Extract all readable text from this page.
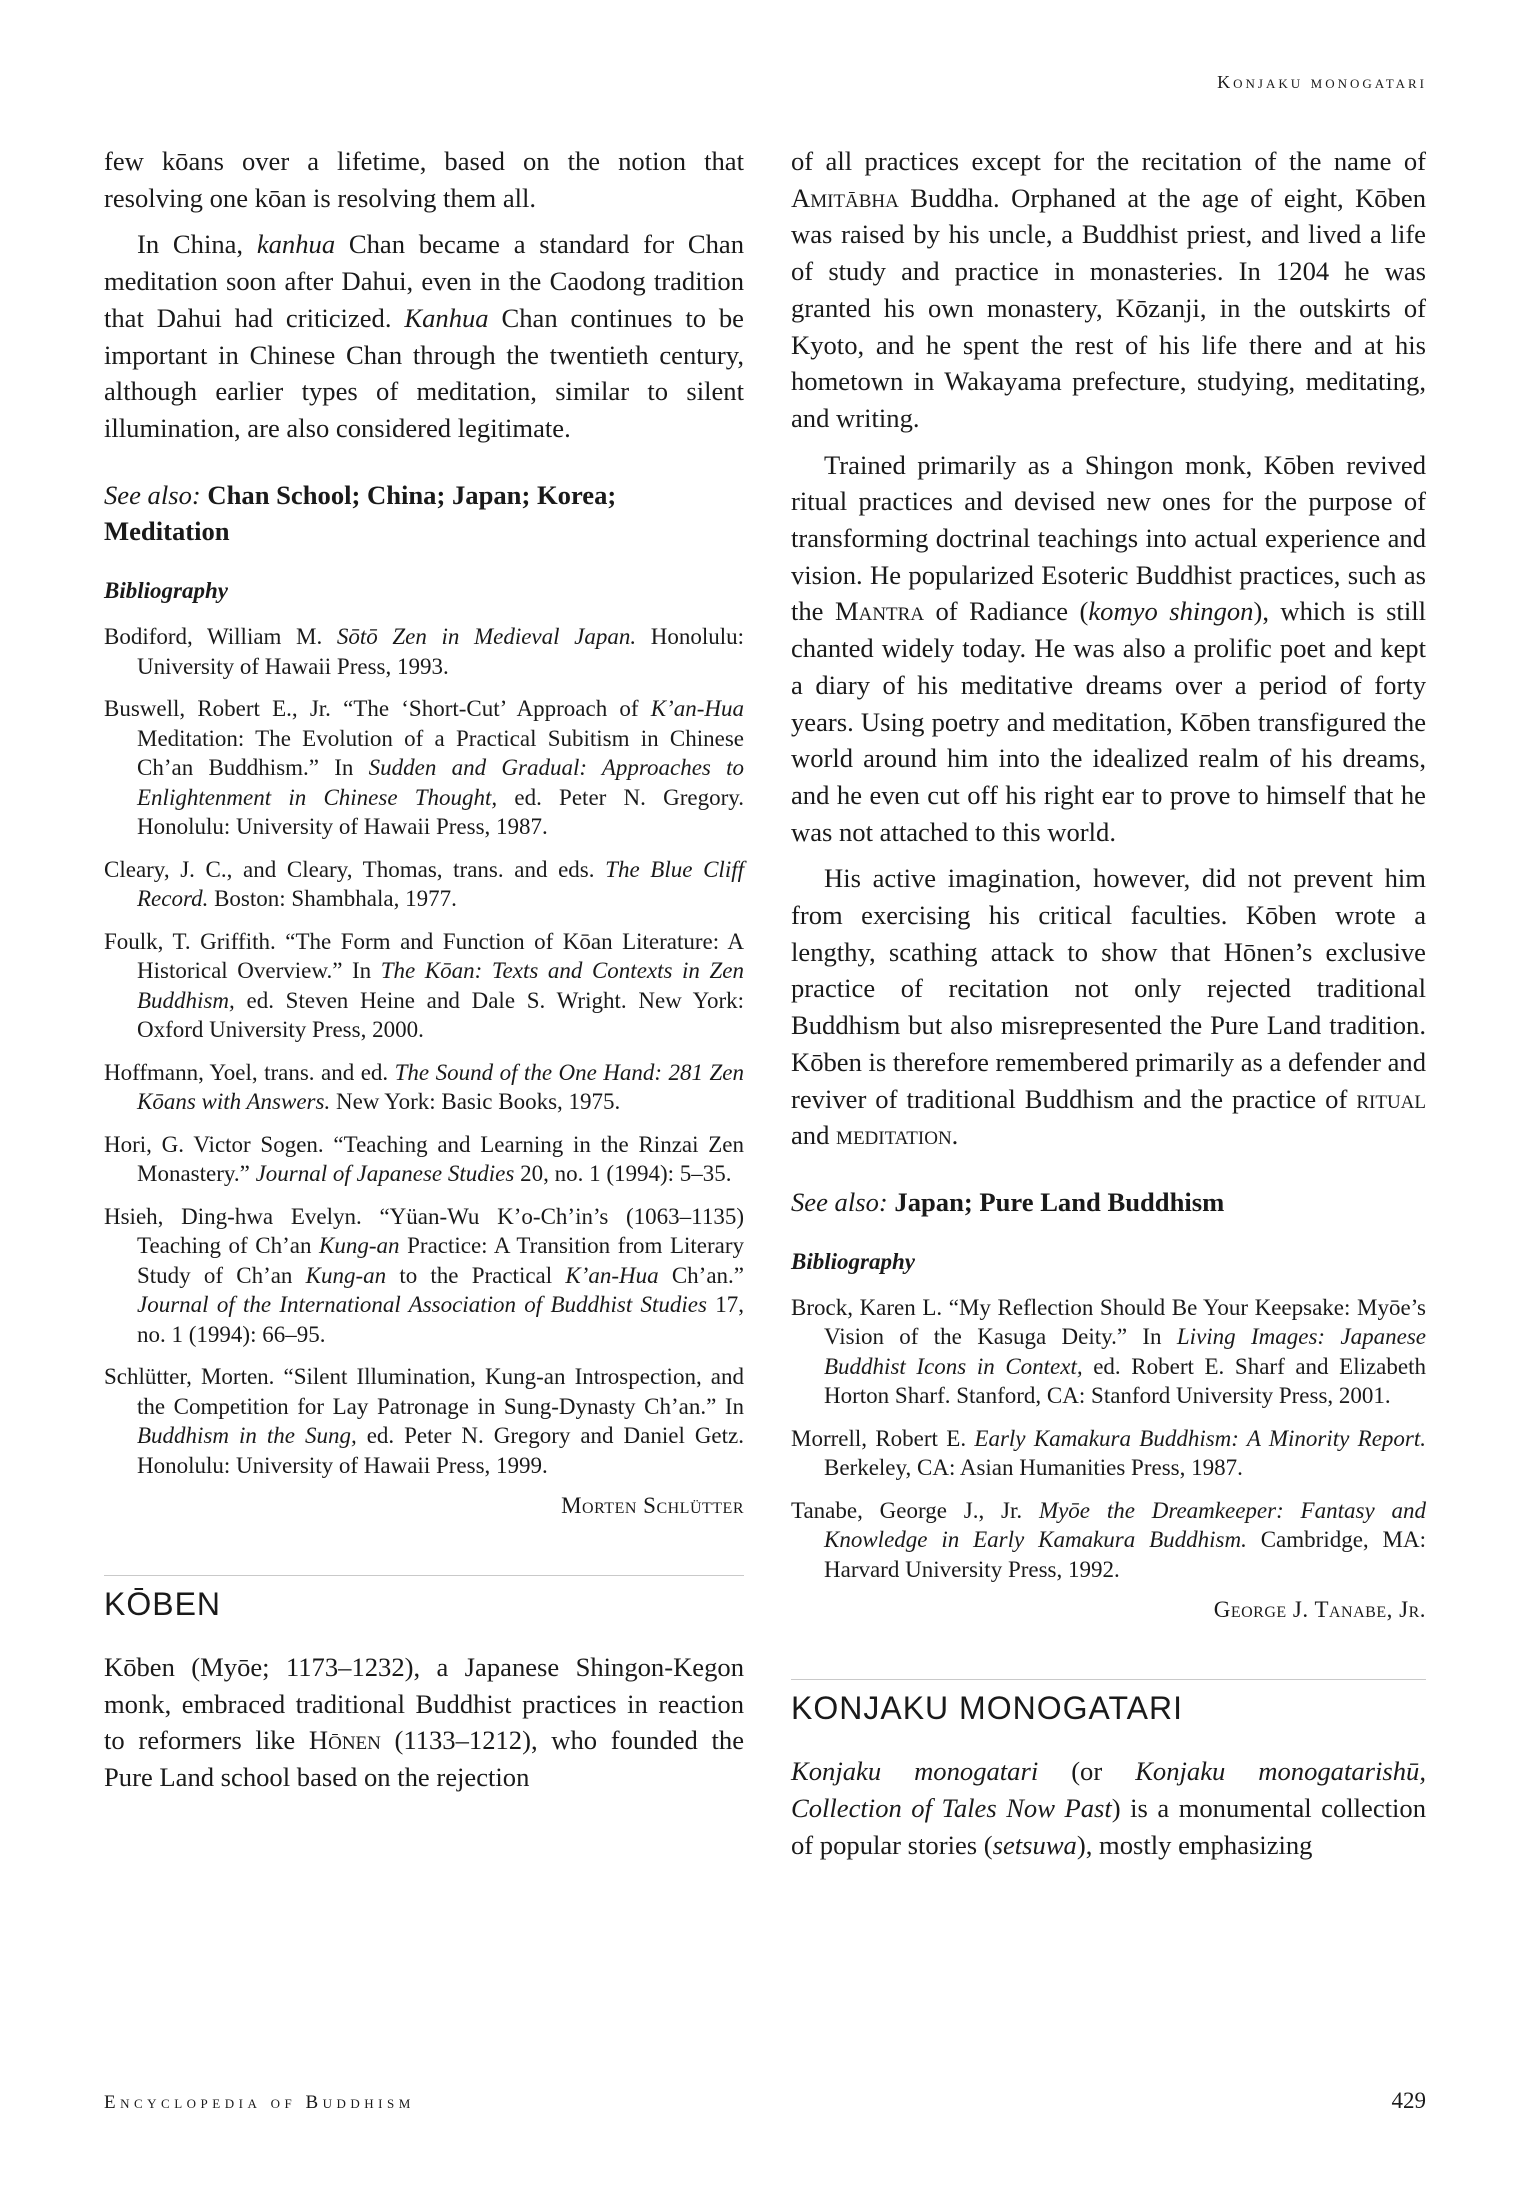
Konjaku monogatari

few kōans over a lifetime, based on the notion that resolving one kōan is resolving them all.

In China, kanhua Chan became a standard for Chan meditation soon after Dahui, even in the Caodong tradition that Dahui had criticized. Kanhua Chan continues to be important in Chinese Chan through the twentieth century, although earlier types of meditation, similar to silent illumination, are also considered legitimate.

See also: Chan School; China; Japan; Korea; Meditation

Bibliography

Bodiford, William M. Sōtō Zen in Medieval Japan. Honolulu: University of Hawaii Press, 1993.

Buswell, Robert E., Jr. “The ‘Short-Cut’ Approach of K’an-Hua Meditation: The Evolution of a Practical Subitism in Chinese Ch’an Buddhism.” In Sudden and Gradual: Approaches to Enlightenment in Chinese Thought, ed. Peter N. Gregory. Honolulu: University of Hawaii Press, 1987.

Cleary, J. C., and Cleary, Thomas, trans. and eds. The Blue Cliff Record. Boston: Shambhala, 1977.

Foulk, T. Griffith. “The Form and Function of Kōan Literature: A Historical Overview.” In The Kōan: Texts and Contexts in Zen Buddhism, ed. Steven Heine and Dale S. Wright. New York: Oxford University Press, 2000.

Hoffmann, Yoel, trans. and ed. The Sound of the One Hand: 281 Zen Kōans with Answers. New York: Basic Books, 1975.

Hori, G. Victor Sogen. “Teaching and Learning in the Rinzai Zen Monastery.” Journal of Japanese Studies 20, no. 1 (1994): 5–35.

Hsieh, Ding-hwa Evelyn. “Yüan-Wu K’o-Ch’in’s (1063–1135) Teaching of Ch’an Kung-an Practice: A Transition from Literary Study of Ch’an Kung-an to the Practical K’an-Hua Ch’an.” Journal of the International Association of Buddhist Studies 17, no. 1 (1994): 66–95.

Schlütter, Morten. “Silent Illumination, Kung-an Introspection, and the Competition for Lay Patronage in Sung-Dynasty Ch’an.” In Buddhism in the Sung, ed. Peter N. Gregory and Daniel Getz. Honolulu: University of Hawaii Press, 1999.

Morten Schlütter
KŌBEN

Kōben (Myōe; 1173–1232), a Japanese Shingon-Kegon monk, embraced traditional Buddhist practices in reaction to reformers like Hōnen (1133–1212), who founded the Pure Land school based on the rejection

of all practices except for the recitation of the name of Amitābha Buddha. Orphaned at the age of eight, Kōben was raised by his uncle, a Buddhist priest, and lived a life of study and practice in monasteries. In 1204 he was granted his own monastery, Kōzanji, in the outskirts of Kyoto, and he spent the rest of his life there and at his hometown in Wakayama prefecture, studying, meditating, and writing.

Trained primarily as a Shingon monk, Kōben revived ritual practices and devised new ones for the purpose of transforming doctrinal teachings into actual experience and vision. He popularized Esoteric Buddhist practices, such as the Mantra of Radiance (komyo shingon), which is still chanted widely today. He was also a prolific poet and kept a diary of his meditative dreams over a period of forty years. Using poetry and meditation, Kōben transfigured the world around him into the idealized realm of his dreams, and he even cut off his right ear to prove to himself that he was not attached to this world.

His active imagination, however, did not prevent him from exercising his critical faculties. Kōben wrote a lengthy, scathing attack to show that Hōnen’s exclusive practice of recitation not only rejected traditional Buddhism but also misrepresented the Pure Land tradition. Kōben is therefore remembered primarily as a defender and reviver of traditional Buddhism and the practice of ritual and meditation.

See also: Japan; Pure Land Buddhism

Bibliography

Brock, Karen L. “My Reflection Should Be Your Keepsake: Myōe’s Vision of the Kasuga Deity.” In Living Images: Japanese Buddhist Icons in Context, ed. Robert E. Sharf and Elizabeth Horton Sharf. Stanford, CA: Stanford University Press, 2001.

Morrell, Robert E. Early Kamakura Buddhism: A Minority Report. Berkeley, CA: Asian Humanities Press, 1987.

Tanabe, George J., Jr. Myōe the Dreamkeeper: Fantasy and Knowledge in Early Kamakura Buddhism. Cambridge, MA: Harvard University Press, 1992.

George J. Tanabe, Jr.
KONJAKU MONOGATARI

Konjaku monogatari (or Konjaku monogatarishū, Collection of Tales Now Past) is a monumental collection of popular stories (setsuwa), mostly emphasizing

Encyclopedia of Buddhism	429
